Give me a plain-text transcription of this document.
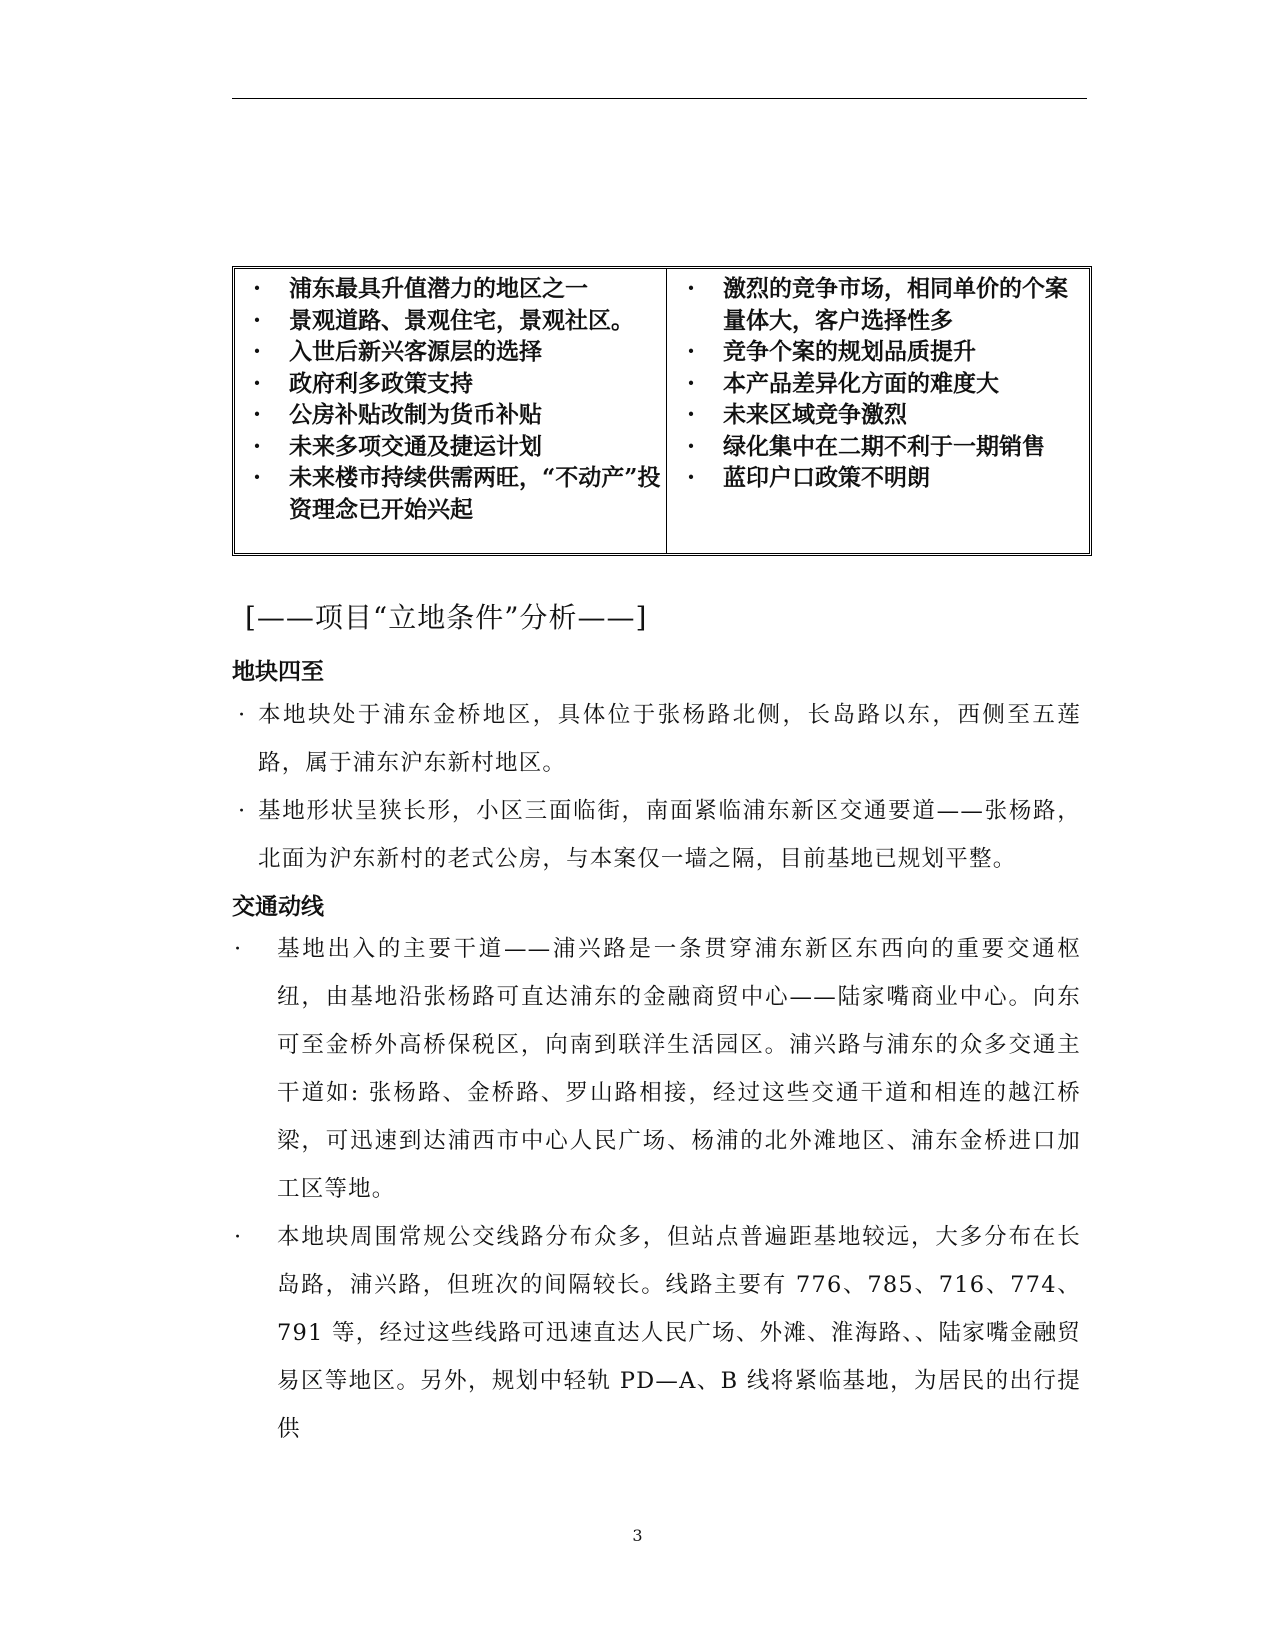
·	浦东最具升值潜力的地区之一
·	景观道路、景观住宅，景观社区。
·	入世后新兴客源层的选择
·	政府利多政策支持
·	公房补贴改制为货币补贴
·	未来多项交通及捷运计划
·	未来楼市持续供需两旺，“不动产”投资理念已开始兴起
·	激烈的竞争市场，相同单价的个案量体大，客户选择性多
·	竞争个案的规划品质提升
·	本产品差异化方面的难度大
·	未来区域竞争激烈
·	绿化集中在二期不利于一期销售
·	蓝印户口政策不明朗
[——项目“立地条件”分析——]
地块四至

· 本地块处于浦东金桥地区，具体位于张杨路北侧，长岛路以东，西侧至五莲路，属于浦东沪东新村地区。

· 基地形状呈狭长形，小区三面临街，南面紧临浦东新区交通要道——张杨路，北面为沪东新村的老式公房，与本案仅一墙之隔，目前基地已规划平整。

交通动线

· 基地出入的主要干道——浦兴路是一条贯穿浦东新区东西向的重要交通枢纽，由基地沿张杨路可直达浦东的金融商贸中心——陆家嘴商业中心。向东可至金桥外高桥保税区，向南到联洋生活园区。浦兴路与浦东的众多交通主干道如: 张杨路、金桥路、罗山路相接，经过这些交通干道和相连的越江桥梁，可迅速到达浦西市中心人民广场、杨浦的北外滩地区、浦东金桥进口加工区等地。

· 本地块周围常规公交线路分布众多，但站点普遍距基地较远，大多分布在长岛路，浦兴路，但班次的间隔较长。线路主要有 776、785、716、774、791 等，经过这些线路可迅速直达人民广场、外滩、淮海路、、陆家嘴金融贸易区等地区。另外，规划中轻轨 PD—A、B 线将紧临基地，为居民的出行提供

3
